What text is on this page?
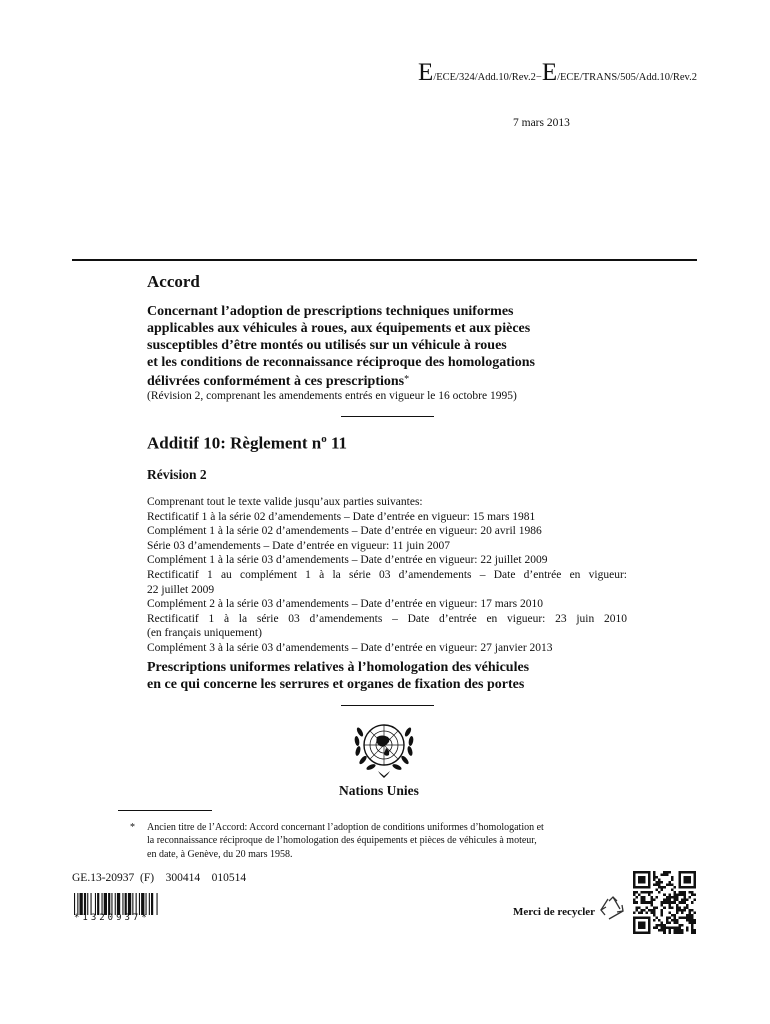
E/ECE/324/Add.10/Rev.2−E/ECE/TRANS/505/Add.10/Rev.2
7 mars 2013
Accord
Concernant l’adoption de prescriptions techniques uniformes
applicables aux véhicules à roues, aux équipements et aux pièces
susceptibles d’être montés ou utilisés sur un véhicule à roues
et les conditions de reconnaissance réciproque des homologations
délivrées conformément à ces prescriptions*
(Révision 2, comprenant les amendements entrés en vigueur le 16 octobre 1995)
Additif 10: Règlement $n^o$ 11
Révision 2
Comprenant tout le texte valide jusqu’aux parties suivantes:
Rectificatif 1 à la série 02 d’amendements – Date d’entrée en vigueur: 15 mars 1981
Complément 1 à la série 02 d’amendements – Date d’entrée en vigueur: 20 avril 1986
Série 03 d’amendements – Date d’entrée en vigueur: 11 juin 2007
Complément 1 à la série 03 d’amendements – Date d’entrée en vigueur: 22 juillet 2009
Rectificatif 1 au complément 1 à la série 03 d’amendements – Date d’entrée en vigueur:
22 juillet 2009
Complément 2 à la série 03 d’amendements – Date d’entrée en vigueur: 17 mars 2010
Rectificatif 1 à la série 03 d’amendements – Date d’entrée en vigueur: 23 juin 2010
(en français uniquement)
Complément 3 à la série 03 d’amendements – Date d’entrée en vigueur: 27 janvier 2013
Prescriptions uniformes relatives à l’homologation des véhicules
en ce qui concerne les serrures et organes de fixation des portes
Nations Unies
* Ancien titre de l’Accord: Accord concernant l’adoption de conditions uniformes d’homologation et
la reconnaissance réciproque de l’homologation des équipements et pièces de véhicules à moteur,
en date, à Genève, du 20 mars 1958.
GE.13-20937  (F)    300414    010514
*1320937*	Merci de recycler
